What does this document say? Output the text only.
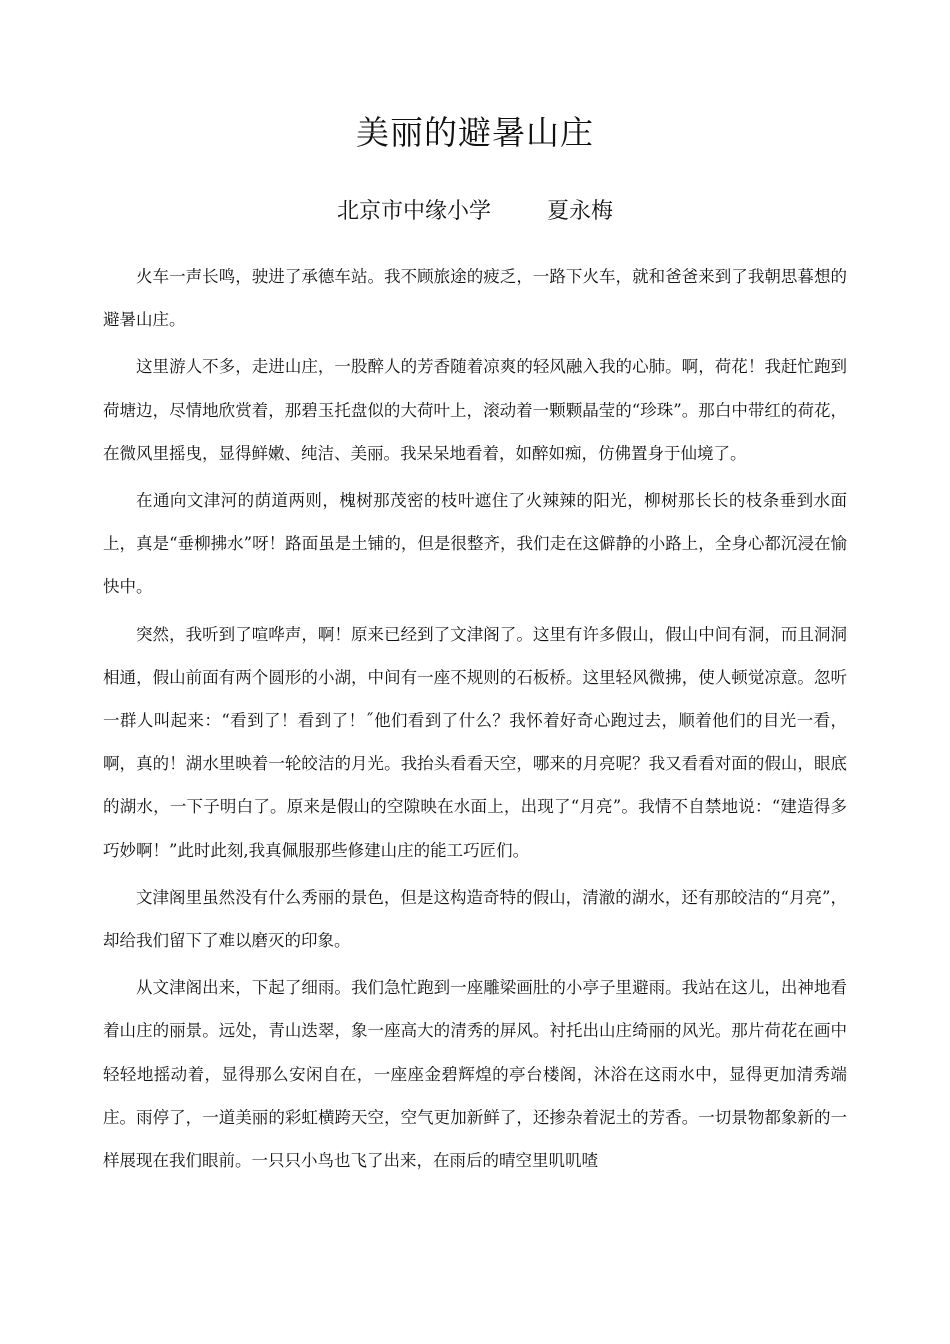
美丽的避暑山庄
北京市中缘小学	夏永梅

火车一声长鸣，驶进了承德车站。我不顾旅途的疲乏，一路下火车，就和爸爸来到了我朝思暮想的避暑山庄。

这里游人不多，走进山庄，一股醉人的芳香随着凉爽的轻风融入我的心肺。啊，荷花！我赶忙跑到荷塘边，尽情地欣赏着，那碧玉托盘似的大荷叶上，滚动着一颗颗晶莹的“珍珠”。那白中带红的荷花，在微风里摇曳，显得鲜嫩、纯洁、美丽。我呆呆地看着，如醉如痴，仿佛置身于仙境了。

在通向文津河的荫道两则，槐树那茂密的枝叶遮住了火辣辣的阳光，柳树那长长的枝条垂到水面上，真是“垂柳拂水”呀！路面虽是土铺的，但是很整齐，我们走在这僻静的小路上，全身心都沉浸在愉快中。

突然，我听到了喧哗声，啊！原来已经到了文津阁了。这里有许多假山，假山中间有洞，而且洞洞相通，假山前面有两个圆形的小湖，中间有一座不规则的石板桥。这里轻风微拂，使人顿觉凉意。忽听一群人叫起来：“看到了！看到了！˝他们看到了什么？我怀着好奇心跑过去，顺着他们的目光一看，啊，真的！湖水里映着一轮皎洁的月光。我抬头看看天空，哪来的月亮呢？我又看看对面的假山，眼底的湖水，一下子明白了。原来是假山的空隙映在水面上，出现了“月亮”。我情不自禁地说：“建造得多巧妙啊！”此时此刻,我真佩服那些修建山庄的能工巧匠们。

文津阁里虽然没有什么秀丽的景色，但是这构造奇特的假山，清澈的湖水，还有那皎洁的“月亮”，却给我们留下了难以磨灭的印象。

从文津阁出来，下起了细雨。我们急忙跑到一座雕梁画肚的小亭子里避雨。我站在这儿，出神地看着山庄的丽景。远处，青山迭翠，象一座高大的清秀的屏风。衬托出山庄绮丽的风光。那片荷花在画中轻轻地摇动着，显得那么安闲自在，一座座金碧辉煌的亭台楼阁，沐浴在这雨水中，显得更加清秀端庄。雨停了，一道美丽的彩虹横跨天空，空气更加新鲜了，还掺杂着泥土的芳香。一切景物都象新的一样展现在我们眼前。一只只小鸟也飞了出来，在雨后的晴空里叽叽喳
